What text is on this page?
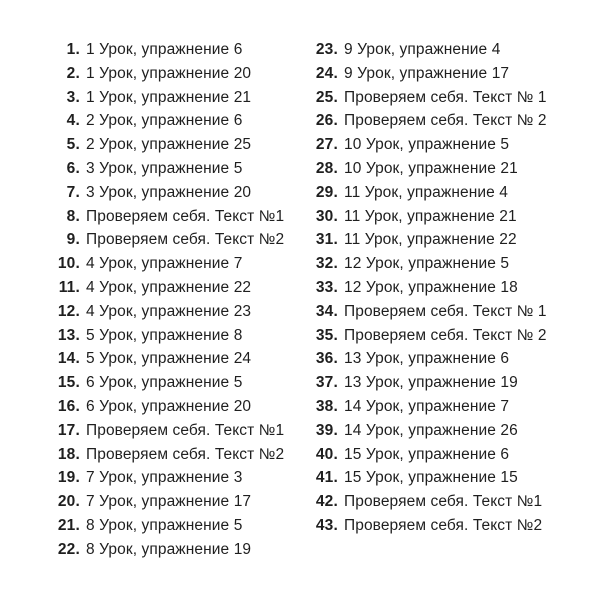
1. 1 Урок, упражнение 6
2. 1 Урок, упражнение 20
3. 1 Урок, упражнение 21
4. 2 Урок, упражнение 6
5. 2 Урок, упражнение 25
6. 3 Урок, упражнение 5
7. 3 Урок, упражнение 20
8. Проверяем себя. Текст №1
9. Проверяем себя. Текст №2
10. 4 Урок, упражнение 7
11. 4 Урок, упражнение 22
12. 4 Урок, упражнение 23
13. 5 Урок, упражнение 8
14. 5 Урок, упражнение 24
15. 6 Урок, упражнение 5
16. 6 Урок, упражнение 20
17. Проверяем себя. Текст №1
18. Проверяем себя. Текст №2
19. 7 Урок, упражнение 3
20. 7 Урок, упражнение 17
21. 8 Урок, упражнение 5
22. 8 Урок, упражнение 19
23. 9 Урок, упражнение 4
24. 9 Урок, упражнение 17
25. Проверяем себя. Текст № 1
26. Проверяем себя. Текст № 2
27. 10 Урок, упражнение 5
28. 10 Урок, упражнение 21
29. 11 Урок, упражнение 4
30. 11 Урок, упражнение 21
31. 11 Урок, упражнение 22
32. 12 Урок, упражнение 5
33. 12 Урок, упражнение 18
34. Проверяем себя. Текст № 1
35. Проверяем себя. Текст № 2
36. 13 Урок, упражнение 6
37. 13 Урок, упражнение 19
38. 14 Урок, упражнение 7
39. 14 Урок, упражнение 26
40. 15 Урок, упражнение 6
41. 15 Урок, упражнение 15
42. Проверяем себя. Текст №1
43. Проверяем себя. Текст №2
